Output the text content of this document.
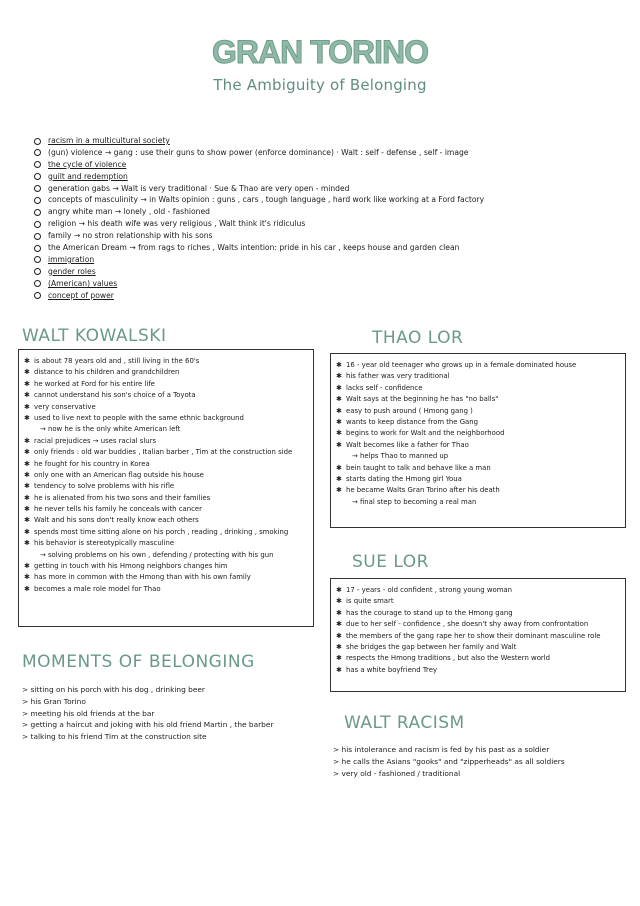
GRAN TORINO
The Ambiguity of Belonging
racism in a multicultural society
(gun) violence → gang : use their guns to show power (enforce dominance) · Walt : self - defense , self - image
the cycle of violence
guilt and redemption
generation gabs → Walt is very traditional · Sue & Thao are very open - minded
concepts of masculinity → in Walts opinion : guns , cars , tough language , hard work like working at a Ford factory
angry white man → lonely , old - fashioned
religion → his death wife was very religious , Walt think it's ridiculus
family → no stron relationship with his sons
the American Dream → from rags to riches , Walts intention: pride in his car , keeps house and garden clean
immigration
gender roles
(American) values
concept of power
WALT KOWALSKI
✱ is about 78 years old and , still living in the 60's
✱ distance to his children and grandchildren
✱ he worked at Ford for his entire life
✱ cannot understand his son's choice of a Toyota
✱ very conservative
✱ used to live next to people with the same ethnic background
→ now he is the only white American left
✱ racial prejudices → uses racial slurs
✱ only friends : old war buddies , Italian barber , Tim at the construction side
✱ he fought for his country in Korea
✱ only one with an American flag outside his house
✱ tendency to solve problems with his rifle
✱ he is alienated from his two sons and their families
✱ he never tells his family he conceals with cancer
✱ Walt and his sons don't really know each others
✱ spends most time sitting alone on his porch , reading , drinking , smoking
✱ his behavior is stereotypically masculine
→ solving problems on his own , defending / protecting with his gun
✱ getting in touch with his Hmong neighbors changes him
✱ has more in common with the Hmong than with his own family
✱ becomes a male role model for Thao
THAO LOR
✱ 16 - year old teenager who grows up in a female dominated house
✱ his father was very traditional
✱ lacks self - confidence
✱ Walt says at the beginning he has "no balls"
✱ easy to push around ( Hmong gang )
✱ wants to keep distance from the Gang
✱ begins to work for Walt and the neighborhood
✱ Walt becomes like a father for Thao
→ helps Thao to manned up
✱ bein taught to talk and behave like a man
✱ starts dating the Hmong girl Youa
✱ he became Walts Gran Torino after his death
→ final step to becoming a real man
SUE LOR
✱ 17 - years - old confident , strong young woman
✱ is quite smart
✱ has the courage to stand up to the Hmong gang
✱ due to her self - confidence , she doesn't shy away from confrontation
✱ the members of the gang rape her to show their dominant masculine role
✱ she bridges the gap between her family and Walt
✱ respects the Hmong traditions , but also the Western world
✱ has a white boyfriend Trey
MOMENTS OF BELONGING
> sitting on his porch with his dog , drinking beer
> his Gran Torino
> meeting his old friends at the bar
> getting a haircut and joking with his old friend Martin , the barber
> talking to his friend Tim at the construction site
WALT RACISM
> his intolerance and racism is fed by his past as a soldier
> he calls the Asians "gooks" and "zipperheads" as all soldiers
> very old - fashioned / traditional
